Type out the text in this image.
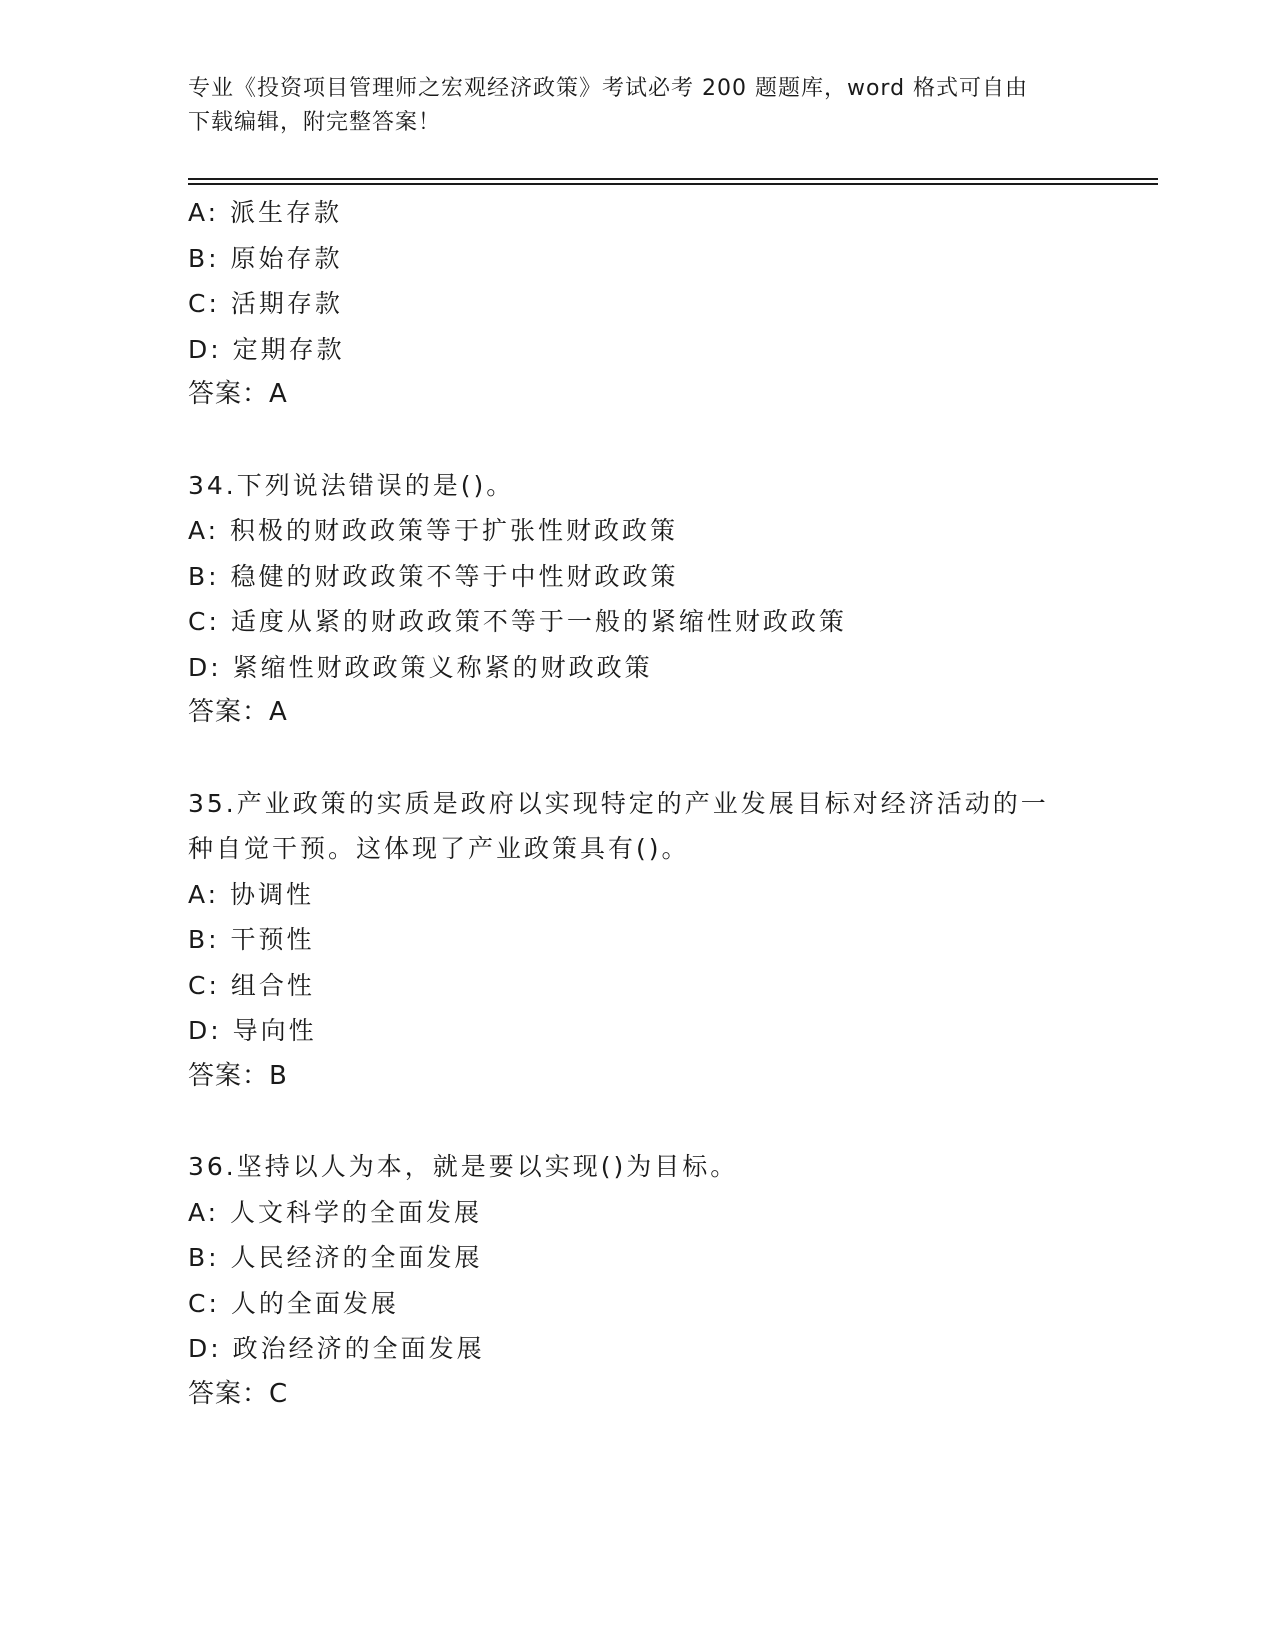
专业《投资项目管理师之宏观经济政策》考试必考 200 题题库，word 格式可自由
下载编辑，附完整答案！
A: 派生存款
B: 原始存款
C: 活期存款
D: 定期存款
答案：A
34.下列说法错误的是()。
A: 积极的财政政策等于扩张性财政政策
B: 稳健的财政政策不等于中性财政政策
C: 适度从紧的财政政策不等于一般的紧缩性财政政策
D: 紧缩性财政政策义称紧的财政政策
答案：A
35.产业政策的实质是政府以实现特定的产业发展目标对经济活动的一
种自觉干预。这体现了产业政策具有()。
A: 协调性
B: 干预性
C: 组合性
D: 导向性
答案：B
36.坚持以人为本，就是要以实现()为目标。
A: 人文科学的全面发展
B: 人民经济的全面发展
C: 人的全面发展
D: 政治经济的全面发展
答案：C
